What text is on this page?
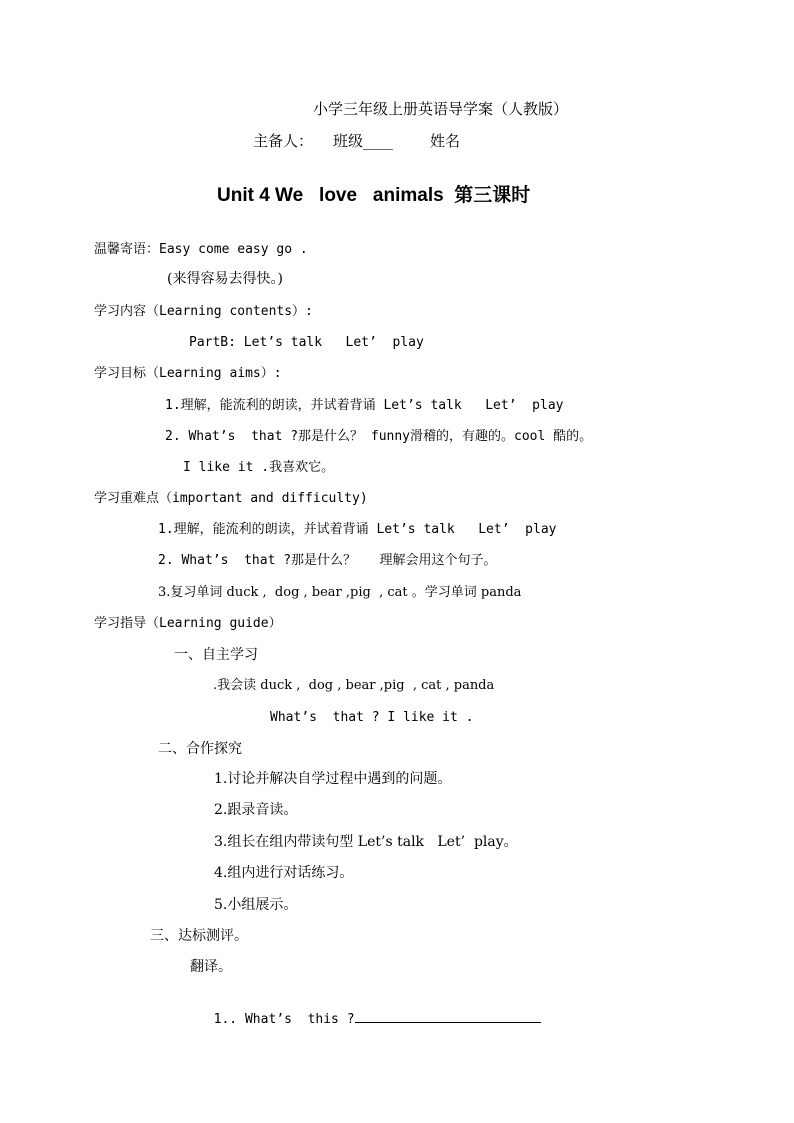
小学三年级上册英语导学案（人教版）
主备人： 班级____ 姓名
Unit 4 We   love   animals  第三课时
温馨寄语：Easy come easy go .
(来得容易去得快。)
学习内容（Learning contents）:
PartB: Let’s talk   Let’  play
学习目标（Learning aims）:
1.理解，能流利的朗读，并试着背诵 Let’s talk   Let’  play
2. What’s  that ?那是什么？ funny滑稽的，有趣的。cool 酷的。
I like it .我喜欢它。
学习重难点（important and difficulty)
1.理解，能流利的朗读，并试着背诵 Let’s talk   Let’  play
2. What’s  that ?那是什么？   理解会用这个句子。
3.复习单词 duck ,  dog , bear ,pig  , cat 。学习单词 panda
学习指导（Learning guide）
一、自主学习
.我会读 duck ,  dog , bear ,pig  , cat , panda
What’s  that ? I like it .
二、合作探究
1.讨论并解决自学过程中遇到的问题。
2.跟录音读。
3.组长在组内带读句型 Let’s talk   Let’  play。
4.组内进行对话练习。
5.小组展示。
三、达标测评。
翻译。

1.. What’s  this ?
